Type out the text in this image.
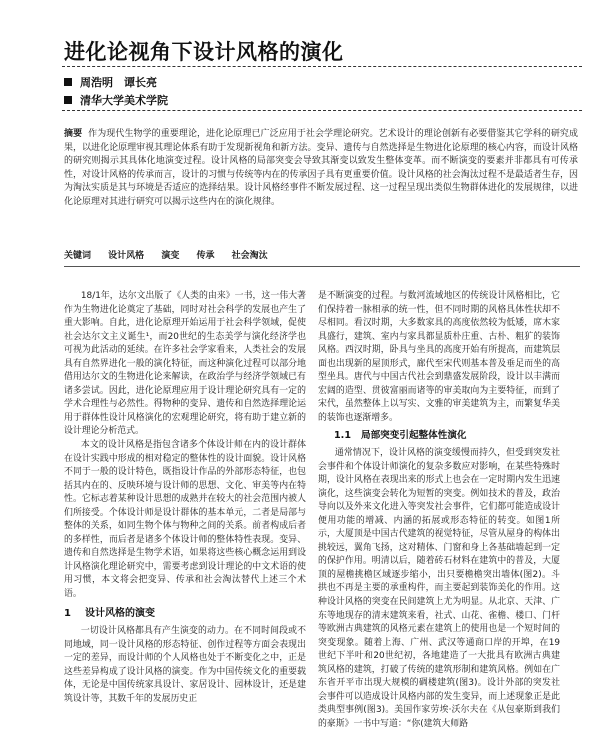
进化论视角下设计风格的演化
周浩明　谭长亮
清华大学美术学院
摘要 作为现代生物学的重要理论，进化论原理已广泛应用于社会学理论研究。艺术设计的理论创新有必要借鉴其它学科的研究成果，以进化论原理审视其理论体系有助于发现新视角和新方法。变异、遗传与自然选择是生物进化论原理的核心内容，而设计风格的研究则揭示其具体化地演变过程。设计风格的局部突变会导致其渐变以致发生整体变革。而不断演变的要素并非都具有可传承性，对设计风格的传承而言，设计的习惯与传统等内在的传承因子具有更重要价值。设计风格的社会淘汰过程不是最适者生存，因为淘汰实质是其与环境是否适应的选择结果。设计风格经事件不断发展过程、这一过程呈现出类似生物群体进化的发展规律，以进化论原理对其进行研究可以揭示这些内在的演化规律。
关键词 设计风格 演变 传承 社会淘汰

18/1年，达尔文出版了《人类的由来》一书，这一伟大著作为生物进化论奠定了基础，同时对社会科学的发展也产生了重大影响。自此，进化论原理开始运用于社会科学领域，促使社会达尔文主义诞生¹，而20世纪的生态美学与演化经济学也可视为此活动的延续。在许多社会学家看来，人类社会的发展具有自然界进化一般的演化特征，而这种演化过程可以部分地借用达尔文的生物进化论来解读，在政治学与经济学领域已有诸多尝试。因此，进化论原理应用于设计理论研究具有一定的学术合理性与必然性。得物种的变异、遗传和自然选择理论运用于群体性设计风格演化的宏观理论研究，将有助于建立新的设计理论分析范式。

本文的设计风格是指包含诸多个体设计师在内的设计群体在设计实践中形成的相对稳定的整体性的设计面貌。设计风格不同于一般的设计特色，既指设计作品的外部形态特征，也包括其内在的、反映环境与设计师的思想、文化、审美等内在特性。它标志着某种设计思想的成熟并在较大的社会范围内被人们所接受。个体设计师是设计群体的基本单元，二者是局部与整体的关系，如同生物个体与物种之间的关系。前者构成后者的多样性，而后者是诸多个体设计师的整体特性表现。变异、遗传和自然选择是生物学术语，如果将这些核心概念运用到设计风格演化理论研究中，需要考虑到设计理论的中文术语的使用习惯，本文将会把变异、传承和社会淘汰替代上述三个术语。

1 设计风格的演变

一切设计风格都具有产生演变的动力。在不同时间段或不同地域，同一设计风格的形态特征、创作过程等方面会表现出一定的差异，而设计师的个人风格也处于不断变化之中，正是这些差异构成了设计风格的演变。作为中国传统文化的重要载体，无论是中国传统家具设计、家居设计、园林设计，还是建筑设计等，其数千年的发展历史正

是不断演变的过程。与数河流域地区的传统设计风格相比，它们保持着一脉相承的统一性，但不同时期的风格具体性状却不尽相同。看汉时期，大多数家具的高度依然较为低矮，席木家具盛行，建筑、室内与家具都显质朴庄重、古朴、粗犷的装饰风格。西汉时期，卧具与坐具的高度开始有所提高，而建筑层面也出现新的屋顶形式，廊代至宋代则基本普及垂足而坐的高型坐具。唐代与中国古代社会到鼎盛发展阶段，设计以丰满而宏阔的造型、贯彼富丽而诸等的审美取向为主要特征，而到了宋代，虽然整体上以写实、文雅的审美建筑为主，而繁复华美的装饰也逐渐增多。

1.1 局部突变引起整体性演化

通常情况下，设计风格的演变缓慢而持久，但受到突发社会事件和个体设计师演化的复杂多数应对影响，在某些特殊时期，设计风格在表现出来的形式上也会在一定时期内发生迅速演化，这些演变会转化为短暂的突变。例如技术的普及，政治导向以及外来文化进入等突发社会事件，它们都可能造成设计便用功能的增减、内涵的拓展或形态特征的转变。如图1所示，大厦顶是中国古代建筑的视觉特征，尽管从屋身的构体出挑较远，翼角飞扬，这对精体、门窗和身上各基础墙起到一定的保护作用。明清以后，随着砖石材料在建筑中的普及，大厦顶的屋檐挑檐区域逐步缩小，出只要檐檐突出墙体(图2)。斗拱也不再是主要的承重构件，而主要起到装饰美化的作用。这种设计风格的突变在民间建筑上尤为明显。从北京、天津、广东等地现存的清末建筑来看，社式、山花、雀檐、楼口、门杆等欧洲古典建筑的风格元素在建筑上的使用也是一个短时间的突变现象。随着上海、广州、武汉等通商口岸的开埠，在19世纪下半叶和20世纪初，各地建造了一大批具有欧洲古典建筑风格的建筑，打破了传统的建筑形制和建筑风格。例如在广东省开平市出现大规模的碉楼建筑(图3)。设计外部的突发社会事件可以造成设计风格内部的发生变异，而上述现象正是此类典型事例(图3)。美国作家劳埃·沃尔夫在《从包豪斯到我们的豪斯》一书中写道：“你(建筑大师路
